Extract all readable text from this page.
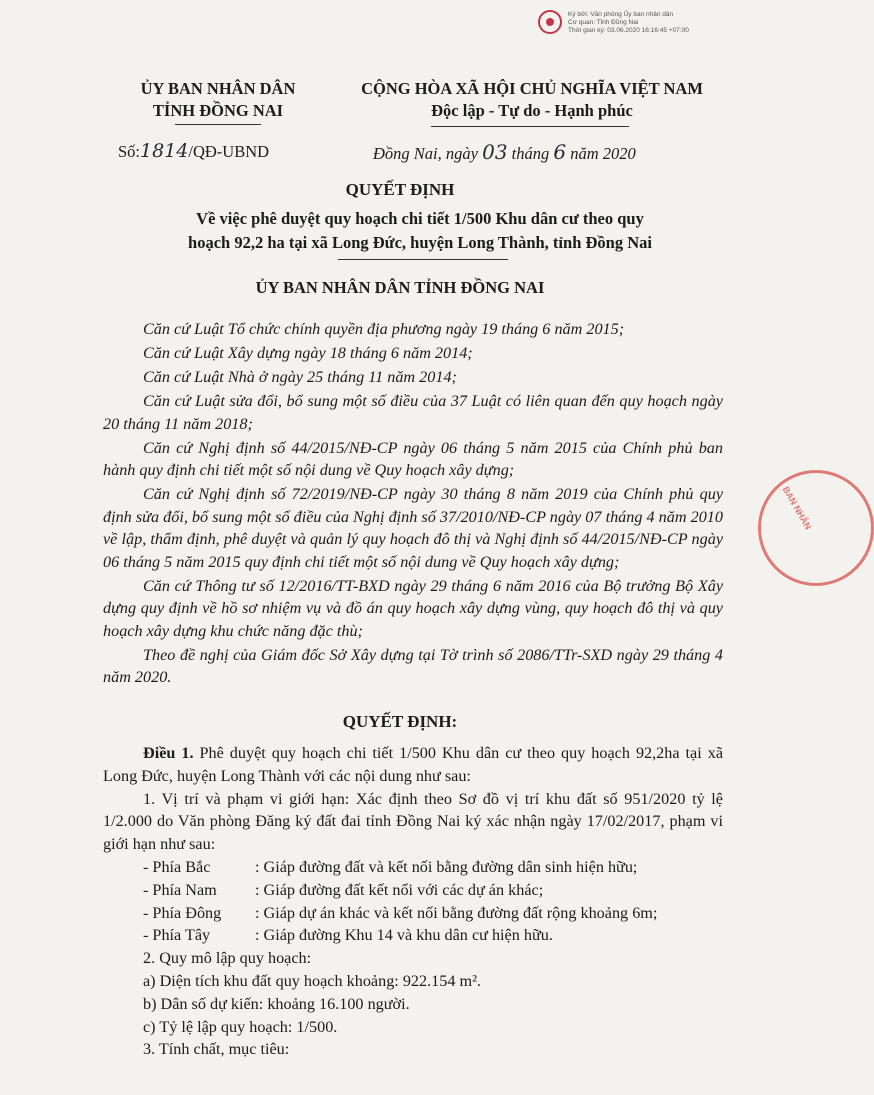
Ký bởi: Văn phòng Ủy ban nhân dân
Cơ quan: Tỉnh Đồng Nai
Thời gian ký: 03.06.2020 16:16:45 +07:00
ỦY BAN NHÂN DÂN
TỈNH ĐỒNG NAI
CỘNG HÒA XÃ HỘI CHỦ NGHĨA VIỆT NAM
Độc lập - Tự do - Hạnh phúc
Số:1814/QĐ-UBND	Đồng Nai, ngày 03 tháng 6 năm 2020
QUYẾT ĐỊNH
Về việc phê duyệt quy hoạch chi tiết 1/500 Khu dân cư theo quy
hoạch 92,2 ha tại xã Long Đức, huyện Long Thành, tỉnh Đồng Nai
ỦY BAN NHÂN DÂN TỈNH ĐỒNG NAI

Căn cứ Luật Tổ chức chính quyền địa phương ngày 19 tháng 6 năm 2015;

Căn cứ Luật Xây dựng ngày 18 tháng 6 năm 2014;

Căn cứ Luật Nhà ở ngày 25 tháng 11 năm 2014;

Căn cứ Luật sửa đổi, bổ sung một số điều của 37 Luật có liên quan đến quy hoạch ngày 20 tháng 11 năm 2018;

Căn cứ Nghị định số 44/2015/NĐ-CP ngày 06 tháng 5 năm 2015 của Chính phủ ban hành quy định chi tiết một số nội dung về Quy hoạch xây dựng;

Căn cứ Nghị định số 72/2019/NĐ-CP ngày 30 tháng 8 năm 2019 của Chính phủ quy định sửa đổi, bổ sung một số điều của Nghị định số 37/2010/NĐ-CP ngày 07 tháng 4 năm 2010 về lập, thẩm định, phê duyệt và quản lý quy hoạch đô thị và Nghị định số 44/2015/NĐ-CP ngày 06 tháng 5 năm 2015 quy định chi tiết một số nội dung về Quy hoạch xây dựng;

Căn cứ Thông tư số 12/2016/TT-BXD ngày 29 tháng 6 năm 2016 của Bộ trưởng Bộ Xây dựng quy định về hồ sơ nhiệm vụ và đồ án quy hoạch xây dựng vùng, quy hoạch đô thị và quy hoạch xây dựng khu chức năng đặc thù;

Theo đề nghị của Giám đốc Sở Xây dựng tại Tờ trình số 2086/TTr-SXD ngày 29 tháng 4 năm 2020.

QUYẾT ĐỊNH:

Điều 1. Phê duyệt quy hoạch chi tiết 1/500 Khu dân cư theo quy hoạch 92,2ha tại xã Long Đức, huyện Long Thành với các nội dung như sau:

1. Vị trí và phạm vi giới hạn: Xác định theo Sơ đồ vị trí khu đất số 951/2020 tỷ lệ 1/2.000 do Văn phòng Đăng ký đất đai tỉnh Đồng Nai ký xác nhận ngày 17/02/2017, phạm vi giới hạn như sau:

- Phía Bắc	: Giáp đường đất và kết nối bằng đường dân sinh hiện hữu;
- Phía Nam	: Giáp đường đất kết nối với các dự án khác;
- Phía Đông	: Giáp dự án khác và kết nối bằng đường đất rộng khoảng 6m;
- Phía Tây	: Giáp đường Khu 14 và khu dân cư hiện hữu.

2. Quy mô lập quy hoạch:

a) Diện tích khu đất quy hoạch khoảng: 922.154 m².

b) Dân số dự kiến: khoảng 16.100 người.

c) Tỷ lệ lập quy hoạch: 1/500.

3. Tính chất, mục tiêu:

BAN NHÂN
